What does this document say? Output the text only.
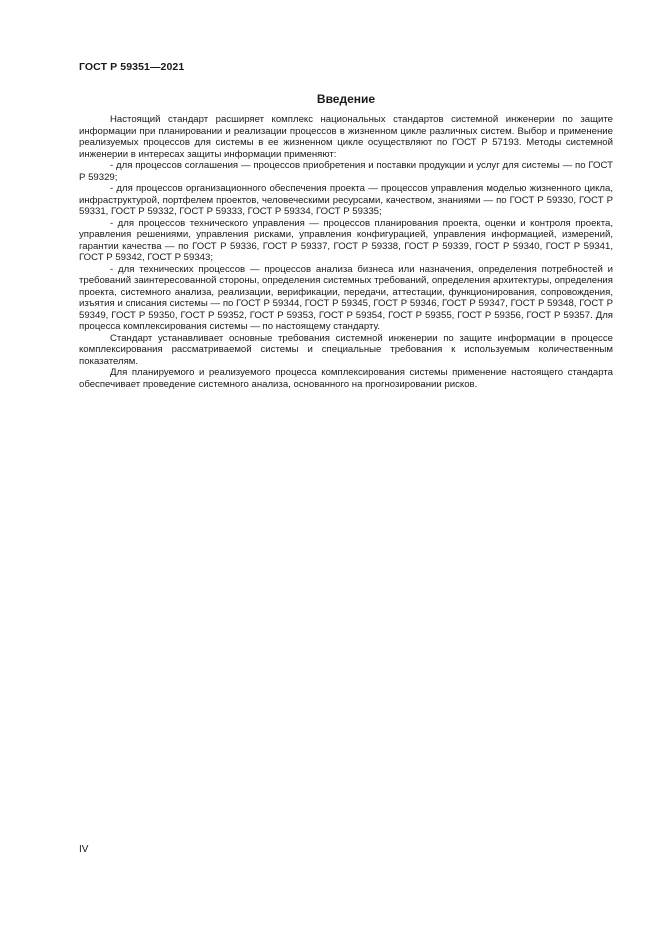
ГОСТ Р 59351—2021
Введение

Настоящий стандарт расширяет комплекс национальных стандартов системной инженерии по защите информации при планировании и реализации процессов в жизненном цикле различных систем. Выбор и применение реализуемых процессов для системы в ее жизненном цикле осуществляют по ГОСТ Р 57193. Методы системной инженерии в интересах защиты информации применяют:

- для процессов соглашения — процессов приобретения и поставки продукции и услуг для системы — по ГОСТ Р 59329;

- для процессов организационного обеспечения проекта — процессов управления моделью жизненного цикла, инфраструктурой, портфелем проектов, человеческими ресурсами, качеством, знаниями — по ГОСТ Р 59330, ГОСТ Р 59331, ГОСТ Р 59332, ГОСТ Р 59333, ГОСТ Р 59334, ГОСТ Р 59335;

- для процессов технического управления — процессов планирования проекта, оценки и контроля проекта, управления решениями, управления рисками, управления конфигурацией, управления информацией, измерений, гарантии качества — по ГОСТ Р 59336, ГОСТ Р 59337, ГОСТ Р 59338, ГОСТ Р 59339, ГОСТ Р 59340, ГОСТ Р 59341, ГОСТ Р 59342, ГОСТ Р 59343;

- для технических процессов — процессов анализа бизнеса или назначения, определения потребностей и требований заинтересованной стороны, определения системных требований, определения архитектуры, определения проекта, системного анализа, реализации, верификации, передачи, аттестации, функционирования, сопровождения, изъятия и списания системы — по ГОСТ Р 59344, ГОСТ Р 59345, ГОСТ Р 59346, ГОСТ Р 59347, ГОСТ Р 59348, ГОСТ Р 59349, ГОСТ Р 59350, ГОСТ Р 59352, ГОСТ Р 59353, ГОСТ Р 59354, ГОСТ Р 59355, ГОСТ Р 59356, ГОСТ Р 59357. Для процесса комплексирования системы — по настоящему стандарту.

Стандарт устанавливает основные требования системной инженерии по защите информации в процессе комплексирования рассматриваемой системы и специальные требования к используемым количественным показателям.

Для планируемого и реализуемого процесса комплексирования системы применение настоящего стандарта обеспечивает проведение системного анализа, основанного на прогнозировании рисков.

IV
